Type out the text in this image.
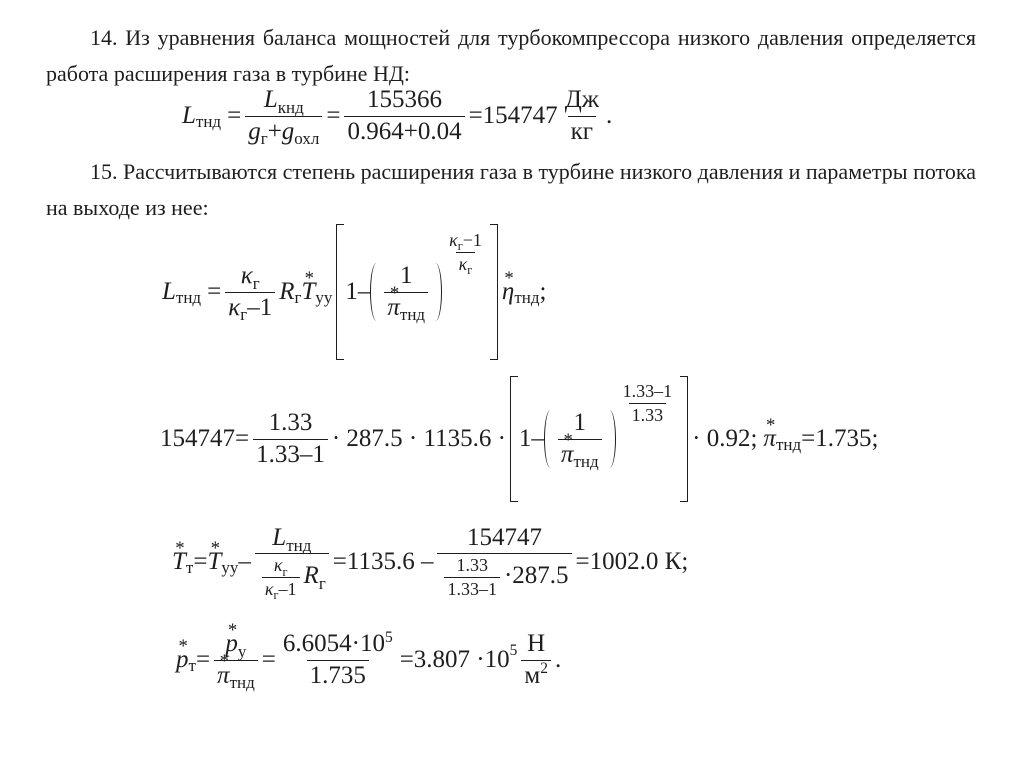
14. Из уравнения баланса мощностей для турбокомпрессора низкого давления определяется работа расширения газа в турбине НД:
L тнд = $\frac{L_{кнд}}{g_г+g_{охл}} = \frac{155366}{0.964+0.04} =154747 \frac{Дж}{кг}$ .
15. Рассчитываются степень расширения газа в турбине низкого давления и параметры потока на выходе из нее:
L тнд = $\frac{\kappa_г}{\kappa_г-1}$ R г T * уу $1 - \frac{1}{\pi *_{тнд}}$
$\frac{\kappa_г-1}{\kappa_г}$
η * тнд ;
$154747 = \frac{1.33}{1.33-1} \cdot 287.5 \cdot 1135.6 \cdot 1 - \frac{1}{\pi *_{тнд}}$
$\frac{1.33-1}{1.33}$
· 0.92; π * тнд =1.735;
T * т = T * уу – $\frac{L_{тнд}}{\frac{\kappa_г}{\kappa_г-1} R_г} =1135.6 - \frac{154747}{\frac{1.33}{1.33-1} \cdot 287.5} =1002.0$ К;
$p * т = \frac{p *_у}{\pi *_{тнд}} = \frac{6.6054\cdot 10^5}{1.735} =3.807 \cdot 10$ $5 \frac{Н}{м^2}$ .
